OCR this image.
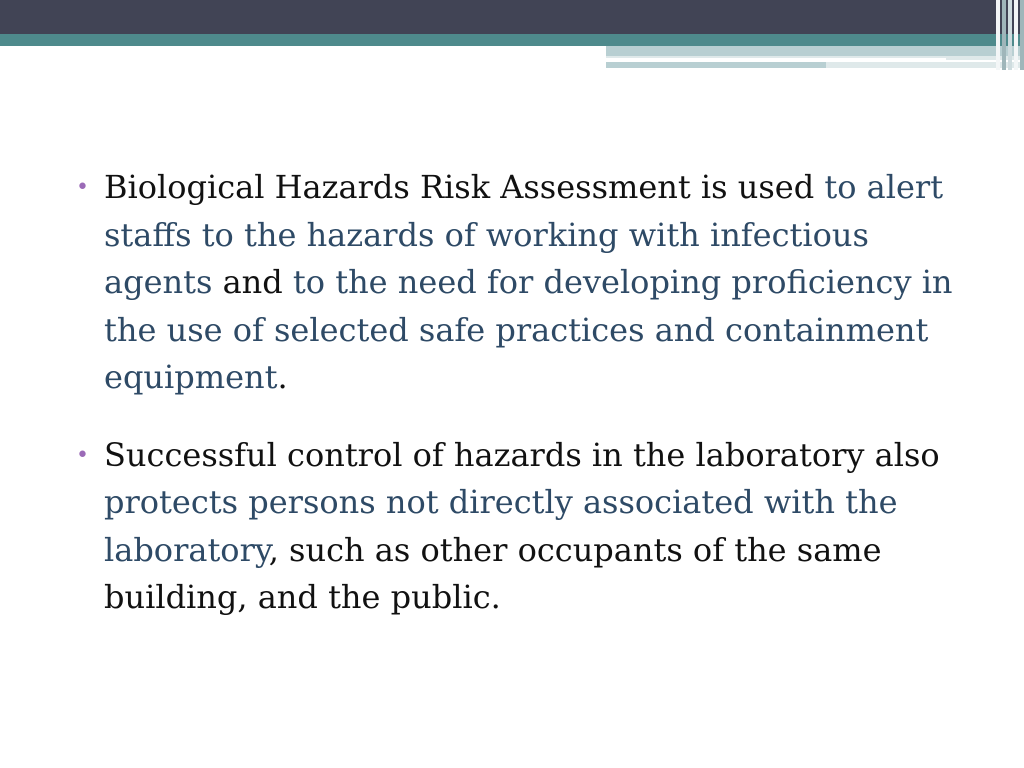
• Biological Hazards Risk Assessment is used to alert staffs to the hazards of working with infectious agents and to the need for developing proficiency in the use of selected safe practices and containment equipment.
• Successful control of hazards in the laboratory also protects persons not directly associated with the laboratory, such as other occupants of the same building, and the public.
